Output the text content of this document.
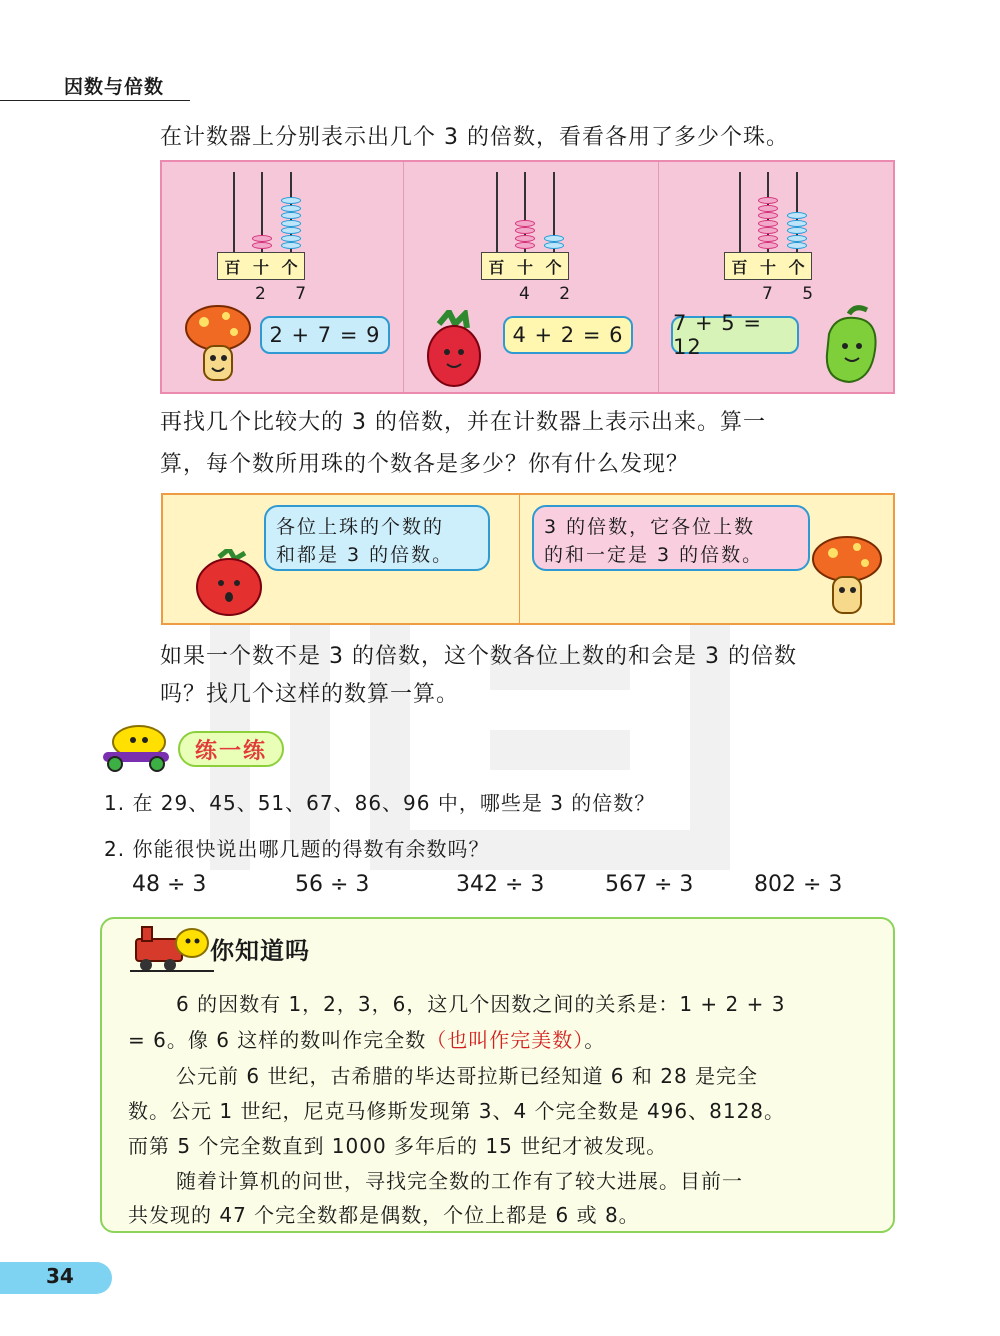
因数与倍数
在计数器上分别表示出几个 3 的倍数，看看各用了多少个珠。
百 十 个
2 7
2 + 7 = 9
百 十 个
4 2
4 + 2 = 6
百 十 个
7 5
7 + 5 = 12
再找几个比较大的 3 的倍数，并在计数器上表示出来。算一
算，每个数所用珠的个数各是多少？你有什么发现？
各位上珠的个数的
和都是 3 的倍数。
3 的倍数，它各位上数
的和一定是 3 的倍数。
如果一个数不是 3 的倍数，这个数各位上数的和会是 3 的倍数
吗？找几个这样的数算一算。
练一练
1. 在 29、45、51、67、86、96 中，哪些是 3 的倍数？
2. 你能很快说出哪几题的得数有余数吗？
48 ÷ 3	56 ÷ 3	342 ÷ 3	567 ÷ 3	802 ÷ 3
你知道吗
6 的因数有 1，2，3，6，这几个因数之间的关系是：1 + 2 + 3
= 6。像 6 这样的数叫作完全数（也叫作完美数）。
公元前 6 世纪，古希腊的毕达哥拉斯已经知道 6 和 28 是完全
数。公元 1 世纪，尼克马修斯发现第 3、4 个完全数是 496、8128。
而第 5 个完全数直到 1000 多年后的 15 世纪才被发现。
随着计算机的问世，寻找完全数的工作有了较大进展。目前一
共发现的 47 个完全数都是偶数，个位上都是 6 或 8。
34
